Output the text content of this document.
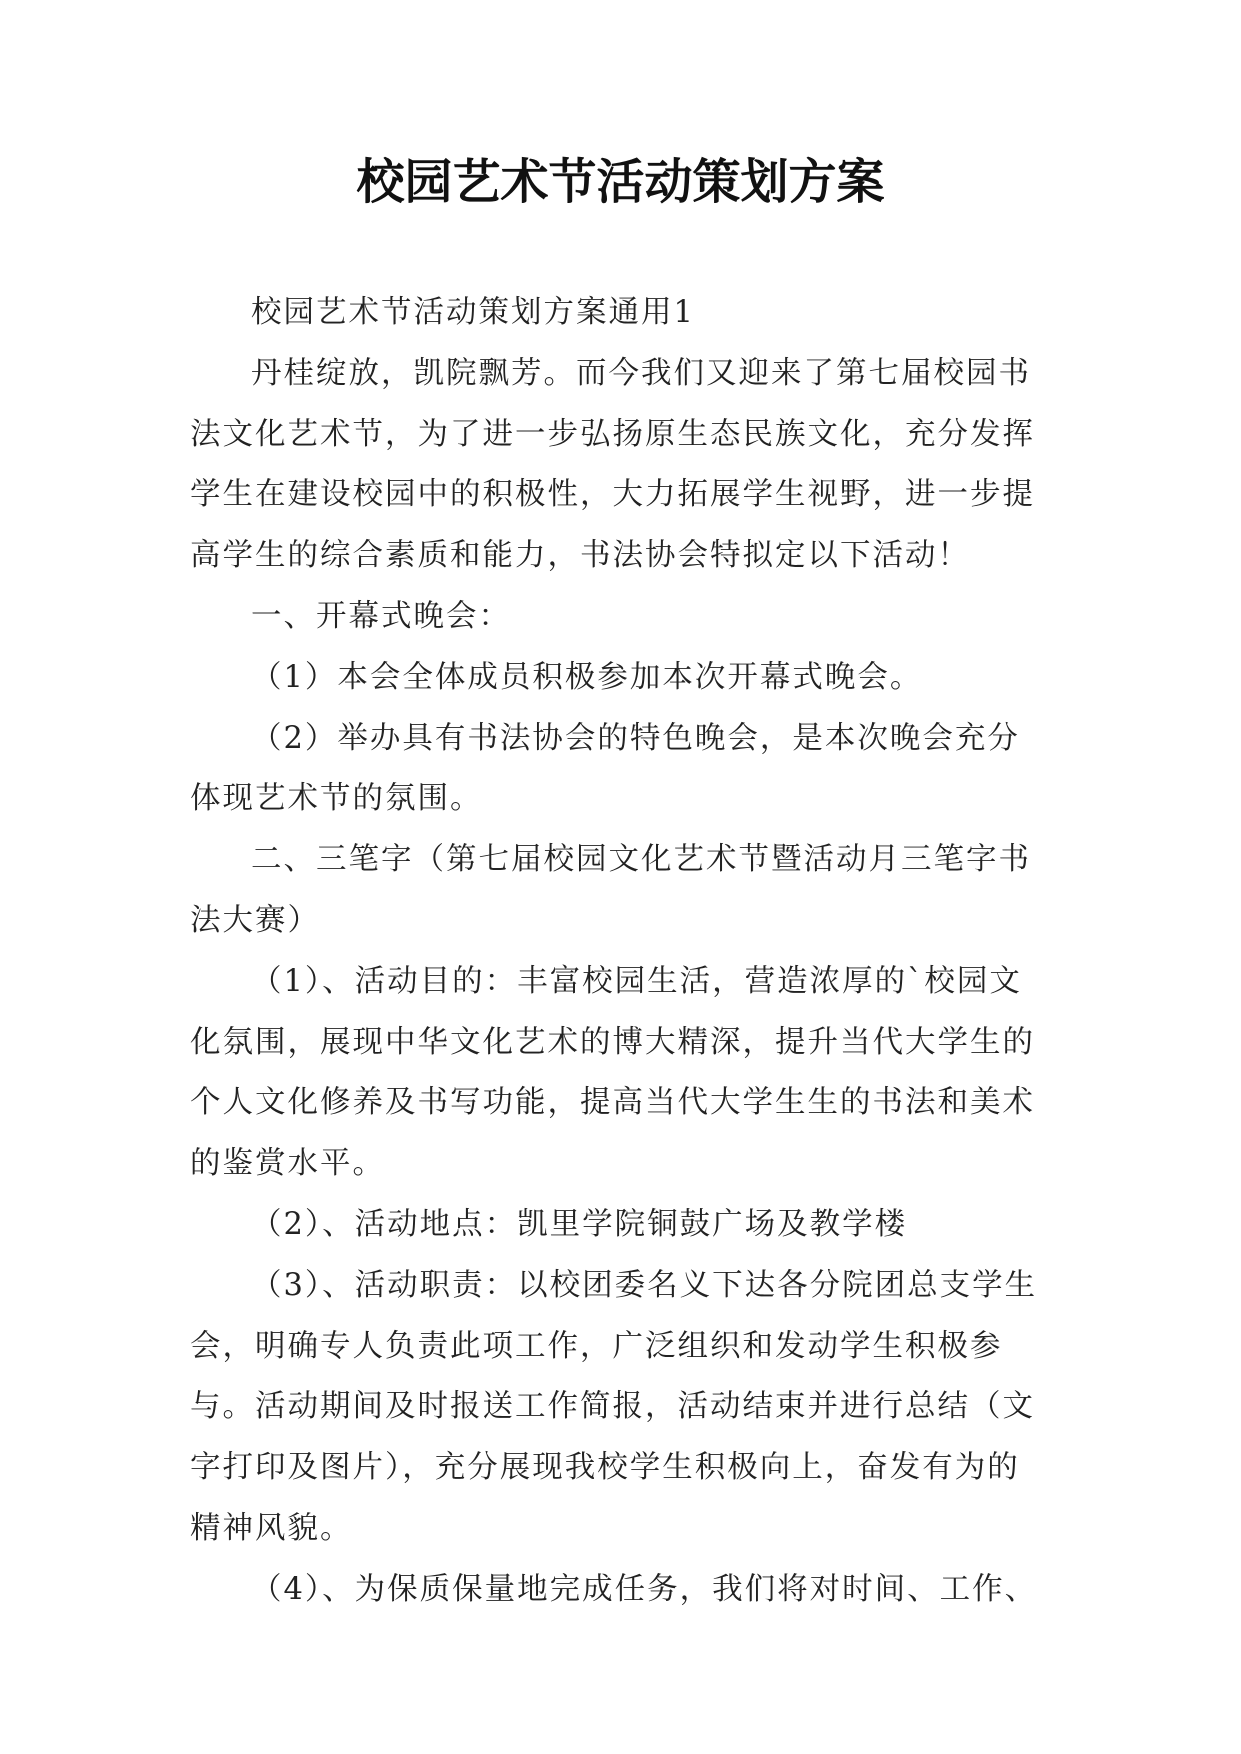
校园艺术节活动策划方案

校园艺术节活动策划方案通用1

丹桂绽放，凯院飘芳。而今我们又迎来了第七届校园书法文化艺术节，为了进一步弘扬原生态民族文化，充分发挥学生在建设校园中的积极性，大力拓展学生视野，进一步提高学生的综合素质和能力，书法协会特拟定以下活动！

一、开幕式晚会：

（1）本会全体成员积极参加本次开幕式晚会。

（2）举办具有书法协会的特色晚会，是本次晚会充分体现艺术节的氛围。

二、三笔字（第七届校园文化艺术节暨活动月三笔字书法大赛）

（1）、活动目的：丰富校园生活，营造浓厚的`校园文化氛围，展现中华文化艺术的博大精深，提升当代大学生的个人文化修养及书写功能，提高当代大学生生的书法和美术的鉴赏水平。

（2）、活动地点：凯里学院铜鼓广场及教学楼

（3）、活动职责：以校团委名义下达各分院团总支学生会，明确专人负责此项工作，广泛组织和发动学生积极参与。活动期间及时报送工作简报，活动结束并进行总结（文字打印及图片），充分展现我校学生积极向上，奋发有为的精神风貌。

（4）、为保质保量地完成任务，我们将对时间、工作、
